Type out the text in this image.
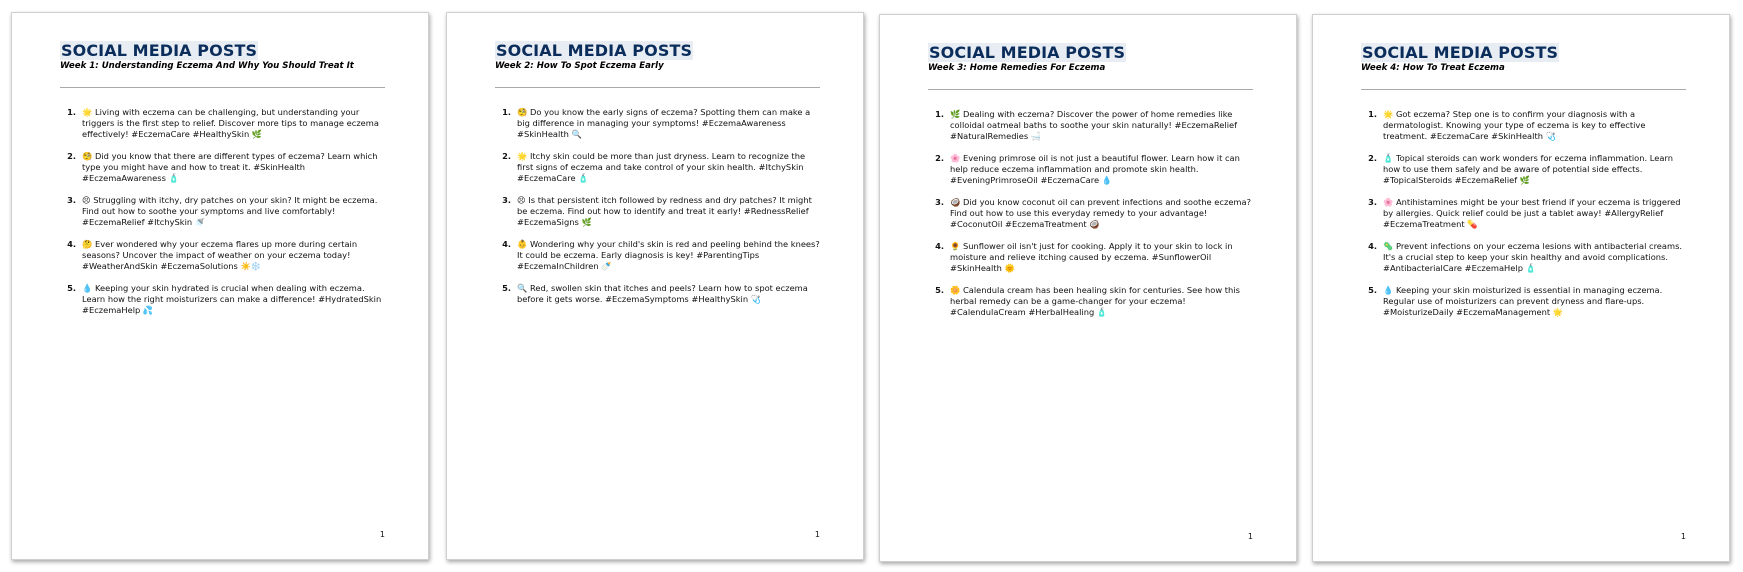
SOCIAL MEDIA POSTS
Week 1: Understanding Eczema And Why You Should Treat It
1. 🌟 Living with eczema can be challenging, but understanding your triggers is the first step to relief. Discover more tips to manage eczema effectively! #EczemaCare #HealthySkin 🌿
2. 🧐 Did you know that there are different types of eczema? Learn which type you might have and how to treat it. #SkinHealth #EczemaAwareness 🧴
3. 😣 Struggling with itchy, dry patches on your skin? It might be eczema. Find out how to soothe your symptoms and live comfortably! #EczemaRelief #ItchySkin 🚿
4. 🤔 Ever wondered why your eczema flares up more during certain seasons? Uncover the impact of weather on your eczema today! #WeatherAndSkin #EczemaSolutions ☀️❄️
5. 💧 Keeping your skin hydrated is crucial when dealing with eczema. Learn how the right moisturizers can make a difference! #HydratedSkin #EczemaHelp 💦
1
SOCIAL MEDIA POSTS
Week 2: How To Spot Eczema Early
1. 🧐 Do you know the early signs of eczema? Spotting them can make a big difference in managing your symptoms! #EczemaAwareness #SkinHealth 🔍
2. 🌟 Itchy skin could be more than just dryness. Learn to recognize the first signs of eczema and take control of your skin health. #ItchySkin #EczemaCare 🧴
3. 😣 Is that persistent itch followed by redness and dry patches? It might be eczema. Find out how to identify and treat it early! #RednessRelief #EczemaSigns 🌿
4. 👶 Wondering why your child's skin is red and peeling behind the knees? It could be eczema. Early diagnosis is key! #ParentingTips #EczemaInChildren 🍼
5. 🔍 Red, swollen skin that itches and peels? Learn how to spot eczema before it gets worse. #EczemaSymptoms #HealthySkin 🩺
1
SOCIAL MEDIA POSTS
Week 3: Home Remedies For Eczema
1. 🌿 Dealing with eczema? Discover the power of home remedies like colloidal oatmeal baths to soothe your skin naturally! #EczemaRelief #NaturalRemedies 🛁
2. 🌸 Evening primrose oil is not just a beautiful flower. Learn how it can help reduce eczema inflammation and promote skin health. #EveningPrimroseOil #EczemaCare 💧
3. 🥥 Did you know coconut oil can prevent infections and soothe eczema? Find out how to use this everyday remedy to your advantage! #CoconutOil #EczemaTreatment 🥥
4. 🌻 Sunflower oil isn't just for cooking. Apply it to your skin to lock in moisture and relieve itching caused by eczema. #SunflowerOil #SkinHealth 🌞
5. 🌼 Calendula cream has been healing skin for centuries. See how this herbal remedy can be a game-changer for your eczema! #CalendulaCream #HerbalHealing 🧴
1
SOCIAL MEDIA POSTS
Week 4: How To Treat Eczema
1. 🌟 Got eczema? Step one is to confirm your diagnosis with a dermatologist. Knowing your type of eczema is key to effective treatment. #EczemaCare #SkinHealth 🩺
2. 🧴 Topical steroids can work wonders for eczema inflammation. Learn how to use them safely and be aware of potential side effects. #TopicalSteroids #EczemaRelief 🌿
3. 🌸 Antihistamines might be your best friend if your eczema is triggered by allergies. Quick relief could be just a tablet away! #AllergyRelief #EczemaTreatment 💊
4. 🦠 Prevent infections on your eczema lesions with antibacterial creams. It's a crucial step to keep your skin healthy and avoid complications. #AntibacterialCare #EczemaHelp 🧴
5. 💧 Keeping your skin moisturized is essential in managing eczema. Regular use of moisturizers can prevent dryness and flare-ups. #MoisturizeDaily #EczemaManagement 🌟
1
